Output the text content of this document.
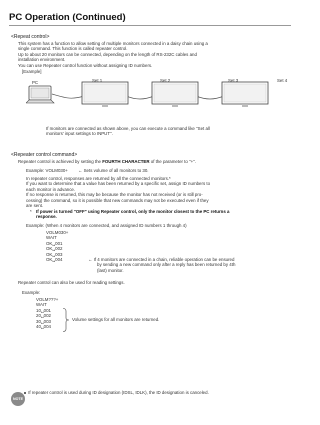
PC Operation (Continued)
<Repeat control>
This system has a function to allow setting of multiple monitors connected in a daisy chain using a
single command. This function is called repeater control.
Up to about 20 monitors can be connected, depending on the length of RS-232C cables and
installation environment.
You can use Repeater control function without assigning ID numbers.
[Example]
PC	Set 1	Set 2	Set 3	Set 4
If monitors are connected as shown above, you can execute a command like "Set all
monitors' input settings to INPUT".
<Repeater control command>
Repeater control is achieved by setting the FOURTH CHARACTER of the parameter to "+".
Example: VOLM030+ ← Sets volume of all monitors to 30.
In repeater control, responses are returned by all the connected monitors.*
If you want to determine that a value has been returned by a specific set, assign ID numbers to
each monitor in advance.
If no response is returned, this may be because the monitor has not received (or is still pro-
cessing) the command, so it is possible that new commands may not be executed even if they
are sent.
* If power is turned "OFF" using Repeater control, only the monitor closest to the PC returns a
response.
Example: (When 4 monitors are connected, and assigned ID numbers 1 through 4)
VOLM030+
WAIT
OK␣001
OK␣002
OK␣003
OK␣004	← If 4 monitors are connected in a chain, reliable operation can be ensured
by sending a new command only after a reply has been returned by 4th
(last) monitor.
Repeater control can also be used for reading settings.
Example:
VOLM???+
WAIT
10␣001
20␣002
30␣003
40␣004
Volume settings for all monitors are returned.
NOTE
If repeater control is used during ID designation (IDSL, IDLK), the ID designation is canceled.
